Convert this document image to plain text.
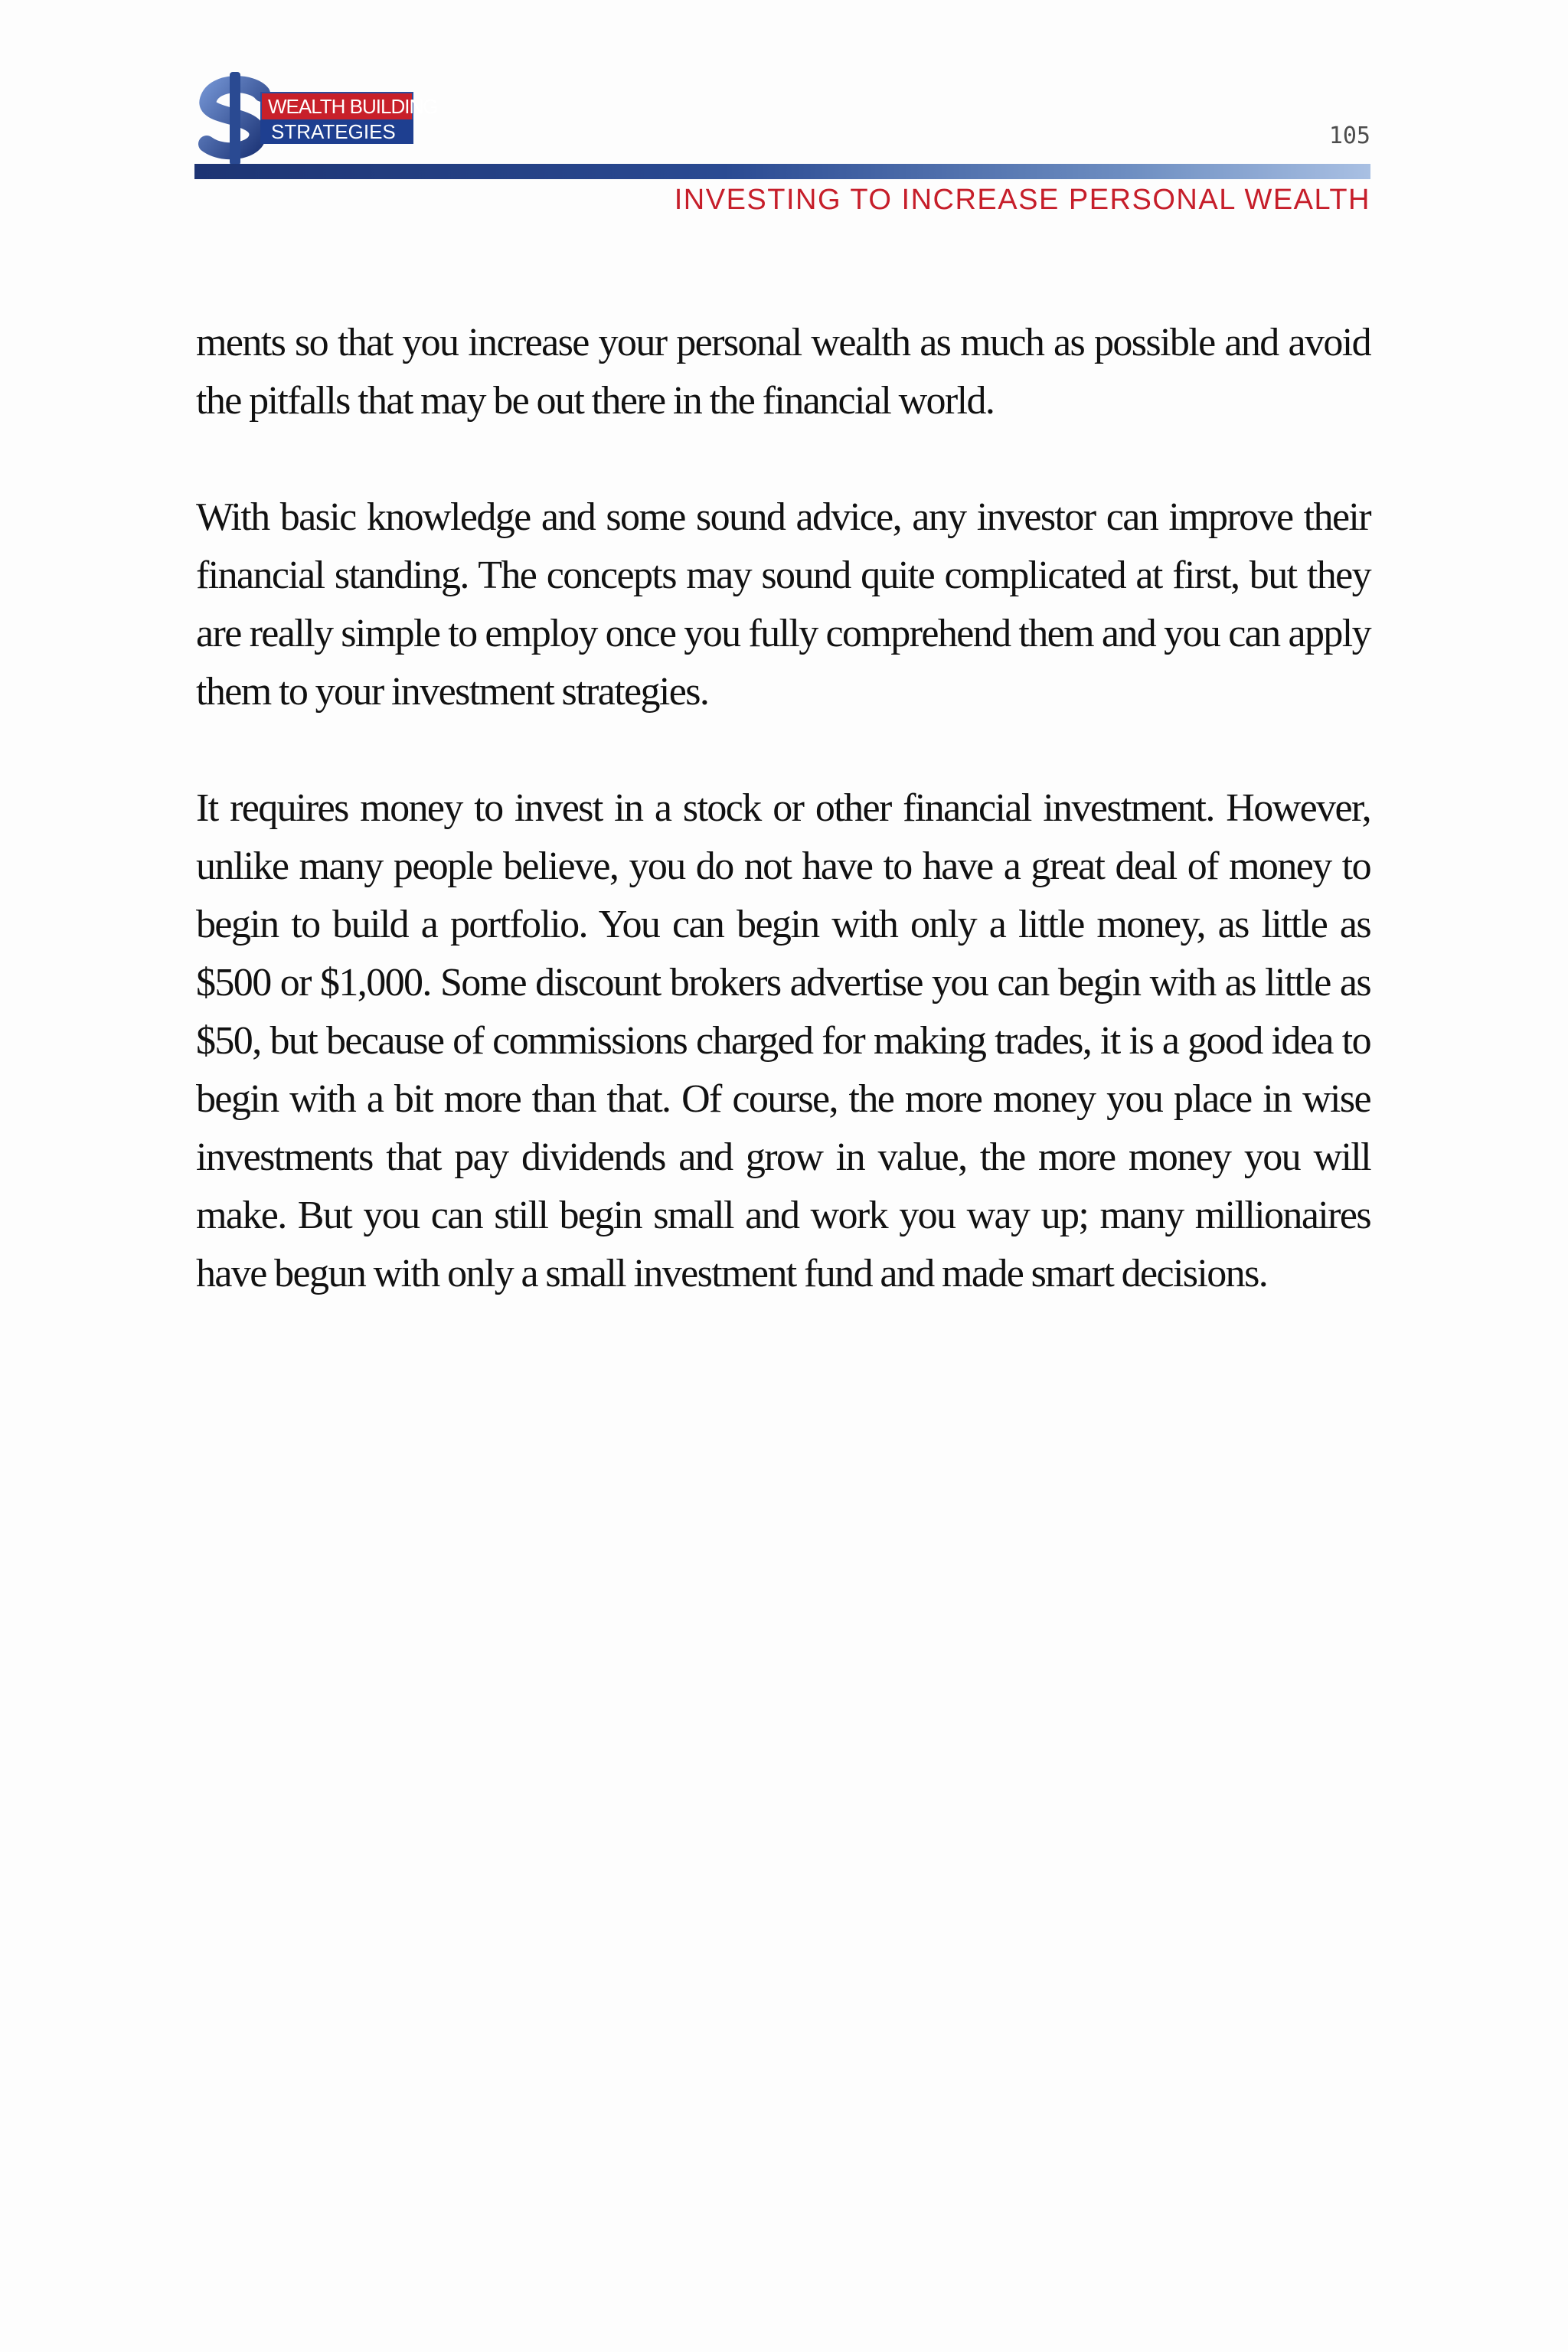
WEALTH BUILDING
STRATEGIES	105
INVESTING TO INCREASE PERSONAL WEALTH

ments so that you increase your personal wealth as much as possible and avoid the pitfalls that may be out there in the financial world.

With basic knowledge and some sound advice, any investor can improve their financial standing. The concepts may sound quite complicated at first, but they are really simple to employ once you fully comprehend them and you can apply them to your investment strategies.

It requires money to invest in a stock or other financial investment. However, unlike many people believe, you do not have to have a great deal of money to begin to build a portfolio. You can begin with only a little money, as little as $500 or $1,000. Some discount brokers advertise you can begin with as little as $50, but because of commissions charged for making trades, it is a good idea to begin with a bit more than that. Of course, the more money you place in wise investments that pay dividends and grow in value, the more money you will make. But you can still begin small and work you way up; many millionaires have begun with only a small investment fund and made smart decisions.
